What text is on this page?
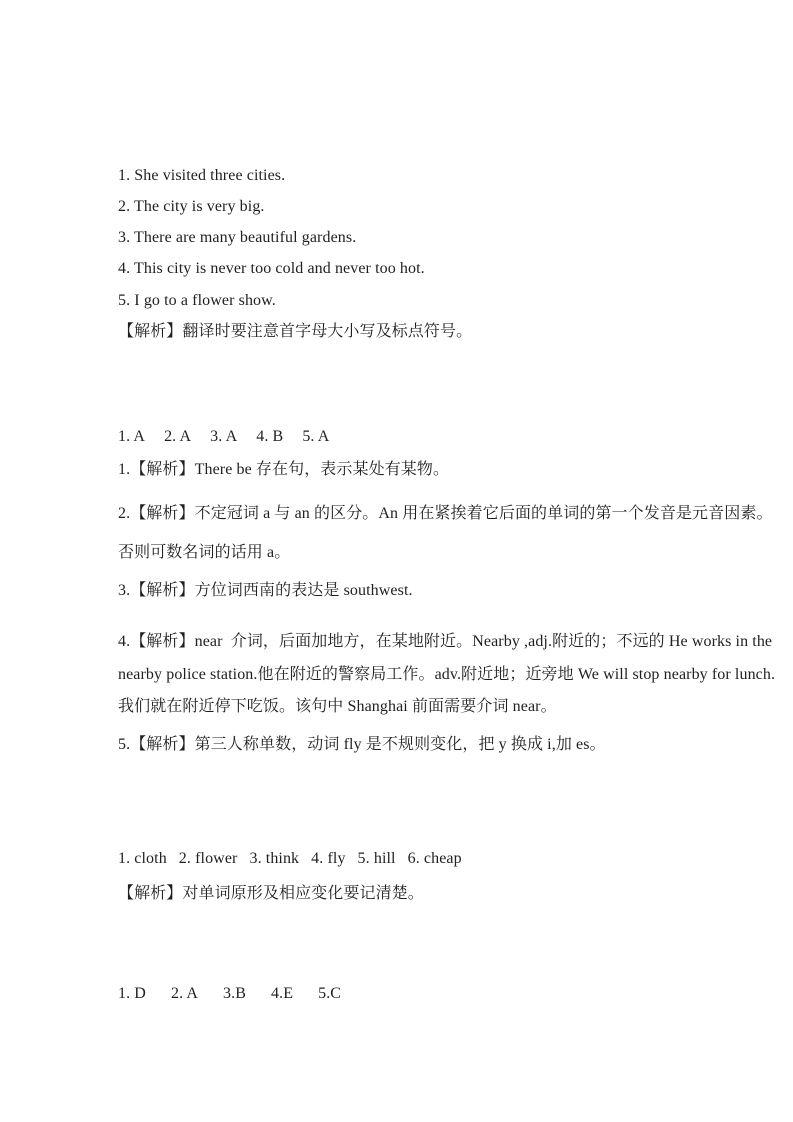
1. She visited three cities.
2. The city is very big.
3. There are many beautiful gardens.
4. This city is never too cold and never too hot.
5. I go to a flower show.
【解析】翻译时要注意首字母大小写及标点符号。
1. A 2. A 3. A 4. B 5. A
1.【解析】There be 存在句，表示某处有某物。
2.【解析】不定冠词 a 与 an 的区分。An 用在紧挨着它后面的单词的第一个发音是元音因素。
否则可数名词的话用 a。
3.【解析】方位词西南的表达是 southwest.
4.【解析】near  介词，后面加地方，在某地附近。Nearby ,adj.附近的；不远的 He works in the
nearby police station.他在附近的警察局工作。adv.附近地；近旁地 We will stop nearby for lunch.
我们就在附近停下吃饭。该句中 Shanghai 前面需要介词 near。
5.【解析】第三人称单数，动词 fly 是不规则变化，把 y 换成 i,加 es。
1. cloth 2. flower 3. think 4. fly 5. hill 6. cheap
【解析】对单词原形及相应变化要记清楚。
1. D 2. A 3.B 4.E 5.C
